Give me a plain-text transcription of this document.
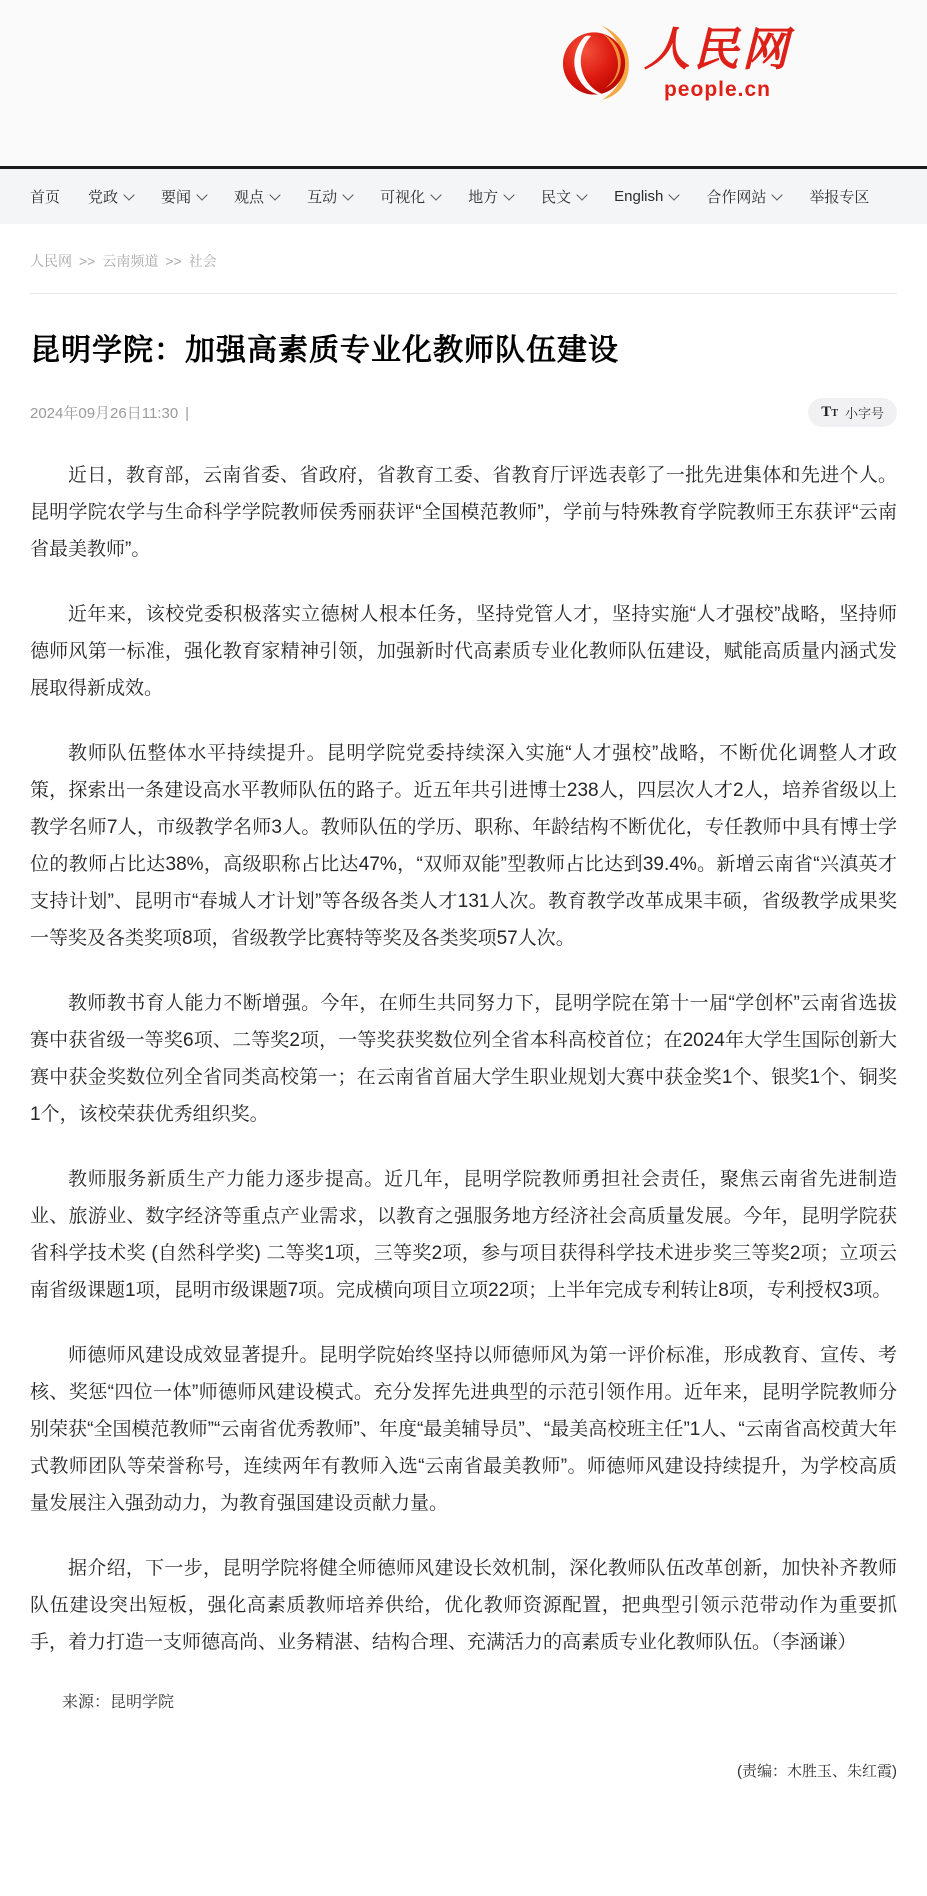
人民网
people.cn
首页 党政	要闻	观点	互动	可视化	地方	民文	English	合作网站	举报专区
人民网 >> 云南频道 >> 社会
昆明学院：加强高素质专业化教师队伍建设
2024年09月26日11:30 |	TT 小字号

近日，教育部，云南省委、省政府，省教育工委、省教育厅评选表彰了一批先进集体和先进个人。昆明学院农学与生命科学学院教师侯秀丽获评“全国模范教师”，学前与特殊教育学院教师王东获评“云南省最美教师”。

近年来，该校党委积极落实立德树人根本任务，坚持党管人才，坚持实施“人才强校”战略，坚持师德师风第一标准，强化教育家精神引领，加强新时代高素质专业化教师队伍建设，赋能高质量内涵式发展取得新成效。

教师队伍整体水平持续提升。昆明学院党委持续深入实施“人才强校”战略，不断优化调整人才政策，探索出一条建设高水平教师队伍的路子。近五年共引进博士238人，四层次人才2人，培养省级以上教学名师7人，市级教学名师3人。教师队伍的学历、职称、年龄结构不断优化，专任教师中具有博士学位的教师占比达38%，高级职称占比达47%，“双师双能”型教师占比达到39.4%。新增云南省“兴滇英才支持计划”、昆明市“春城人才计划”等各级各类人才131人次。教育教学改革成果丰硕，省级教学成果奖一等奖及各类奖项8项，省级教学比赛特等奖及各类奖项57人次。

教师教书育人能力不断增强。今年，在师生共同努力下，昆明学院在第十一届“学创杯”云南省选拔赛中获省级一等奖6项、二等奖2项，一等奖获奖数位列全省本科高校首位；在2024年大学生国际创新大赛中获金奖数位列全省同类高校第一；在云南省首届大学生职业规划大赛中获金奖1个、银奖1个、铜奖1个，该校荣获优秀组织奖。

教师服务新质生产力能力逐步提高。近几年，昆明学院教师勇担社会责任，聚焦云南省先进制造业、旅游业、数字经济等重点产业需求，以教育之强服务地方经济社会高质量发展。今年，昆明学院获省科学技术奖 (自然科学奖) 二等奖1项，三等奖2项，参与项目获得科学技术进步奖三等奖2项；立项云南省级课题1项，昆明市级课题7项。完成横向项目立项22项；上半年完成专利转让8项，专利授权3项。

师德师风建设成效显著提升。昆明学院始终坚持以师德师风为第一评价标准，形成教育、宣传、考核、奖惩“四位一体”师德师风建设模式。充分发挥先进典型的示范引领作用。近年来，昆明学院教师分别荣获“全国模范教师”“云南省优秀教师”、年度“最美辅导员”、“最美高校班主任”1人、“云南省高校黄大年式教师团队等荣誉称号，连续两年有教师入选“云南省最美教师”。师德师风建设持续提升，为学校高质量发展注入强劲动力，为教育强国建设贡献力量。

据介绍，下一步，昆明学院将健全师德师风建设长效机制，深化教师队伍改革创新，加快补齐教师队伍建设突出短板，强化高素质教师培养供给，优化教师资源配置，把典型引领示范带动作为重要抓手，着力打造一支师德高尚、业务精湛、结构合理、充满活力的高素质专业化教师队伍。（李涵谦）

来源：昆明学院

(责编：木胜玉、朱红霞)
